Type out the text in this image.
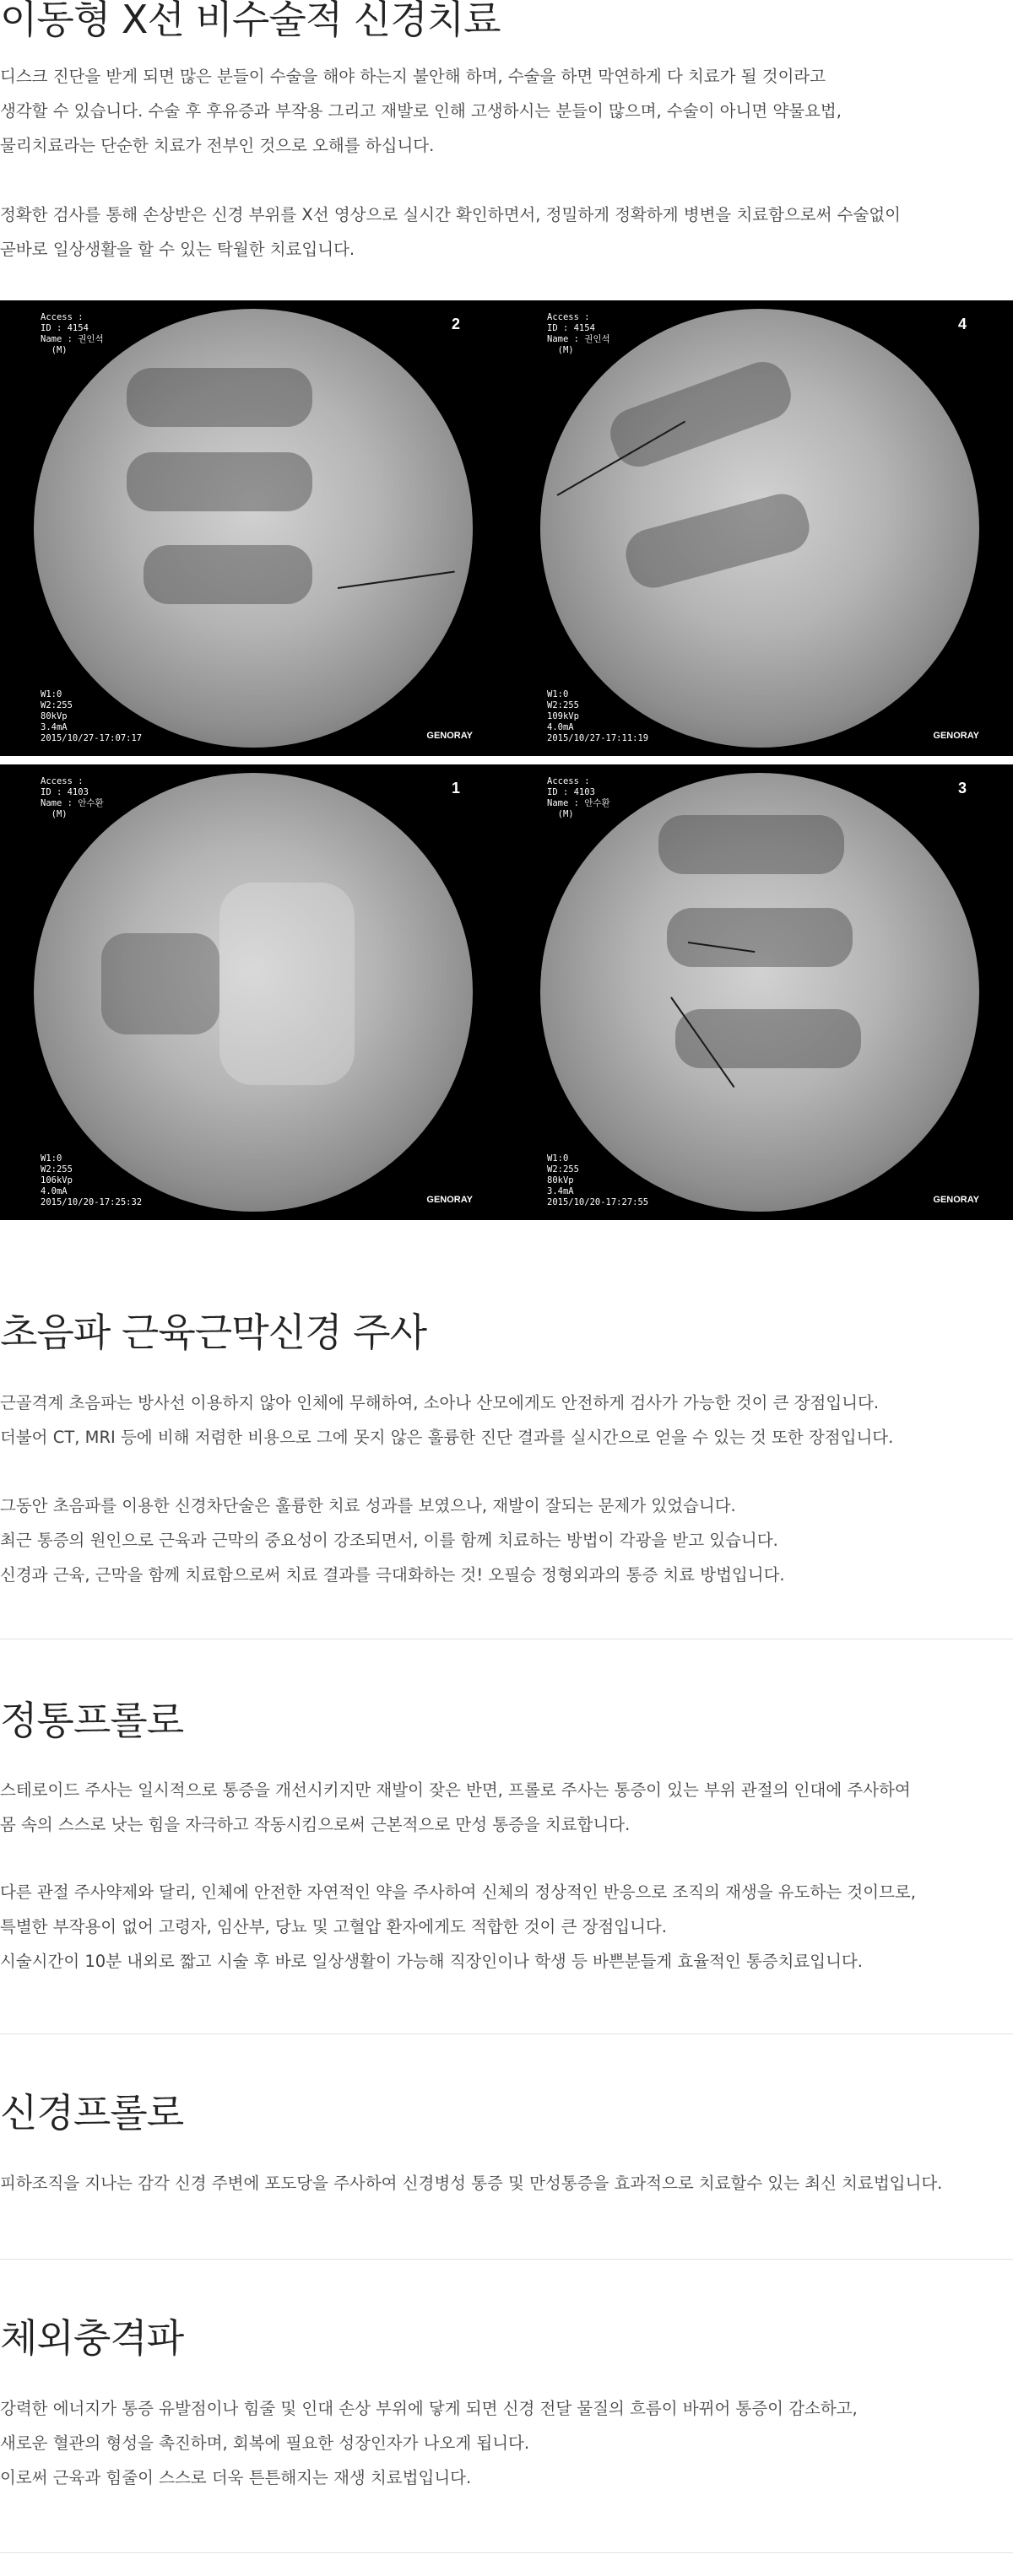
이동형 X선 비수술적 신경치료

디스크 진단을 받게 되면 많은 분들이 수술을 해야 하는지 불안해 하며, 수술을 하면 막연하게 다 치료가 될 것이라고

생각할 수 있습니다. 수술 후 후유증과 부작용 그리고 재발로 인해 고생하시는 분들이 많으며, 수술이 아니면 약물요법,

물리치료라는 단순한 치료가 전부인 것으로 오해를 하십니다.

정확한 검사를 통해 손상받은 신경 부위를 X선 영상으로 실시간 확인하면서, 정밀하게 정확하게 병변을 치료함으로써 수술없이

곧바로 일상생활을 할 수 있는 탁월한 치료입니다.

Access :
ID : 4154
Name : 권인석
(M)
W1:0
W2:255
80kVp
3.4mA
2015/10/27-17:07:17
2
GENORAY
Access :
ID : 4154
Name : 권인석
(M)
W1:0
W2:255
109kVp
4.0mA
2015/10/27-17:11:19
4
GENORAY
Access :
ID : 4103
Name : 안수환
(M)
W1:0
W2:255
106kVp
4.0mA
2015/10/20-17:25:32
1
GENORAY
Access :
ID : 4103
Name : 안수환
(M)
W1:0
W2:255
80kVp
3.4mA
2015/10/20-17:27:55
3
GENORAY
초음파 근육근막신경 주사

근골격계 초음파는 방사선 이용하지 않아 인체에 무해하여, 소아나 산모에게도 안전하게 검사가 가능한 것이 큰 장점입니다.

더불어 CT, MRI 등에 비해 저렴한 비용으로 그에 못지 않은 훌륭한 진단 결과를 실시간으로 얻을 수 있는 것 또한 장점입니다.

그동안 초음파를 이용한 신경차단술은 훌륭한 치료 성과를 보였으나, 재발이 잘되는 문제가 있었습니다.

최근 통증의 원인으로 근육과 근막의 중요성이 강조되면서, 이를 함께 치료하는 방법이 각광을 받고 있습니다.

신경과 근육, 근막을 함께 치료함으로써 치료 결과를 극대화하는 것! 오필승 정형외과의 통증 치료 방법입니다.

정통프롤로

스테로이드 주사는 일시적으로 통증을 개선시키지만 재발이 잦은 반면, 프롤로 주사는 통증이 있는 부위 관절의 인대에 주사하여

몸 속의 스스로 낫는 힘을 자극하고 작동시킴으로써 근본적으로 만성 통증을 치료합니다.

다른 관절 주사약제와 달리, 인체에 안전한 자연적인 약을 주사하여 신체의 정상적인 반응으로 조직의 재생을 유도하는 것이므로,

특별한 부작용이 없어 고령자, 임산부, 당뇨 및 고혈압 환자에게도 적합한 것이 큰 장점입니다.

시술시간이 10분 내외로 짧고 시술 후 바로 일상생활이 가능해 직장인이나 학생 등 바쁜분들게 효율적인 통증치료입니다.

신경프롤로

피하조직을 지나는 감각 신경 주변에 포도당을 주사하여 신경병성 통증 및 만성통증을 효과적으로 치료할수 있는 최신 치료법입니다.

체외충격파

강력한 에너지가 통증 유발점이나 힘줄 및 인대 손상 부위에 닿게 되면 신경 전달 물질의 흐름이 바뀌어 통증이 감소하고,

새로운 혈관의 형성을 촉진하며, 회복에 필요한 성장인자가 나오게 됩니다.

이로써 근육과 힘줄이 스스로 더욱 튼튼해지는 재생 치료법입니다.
